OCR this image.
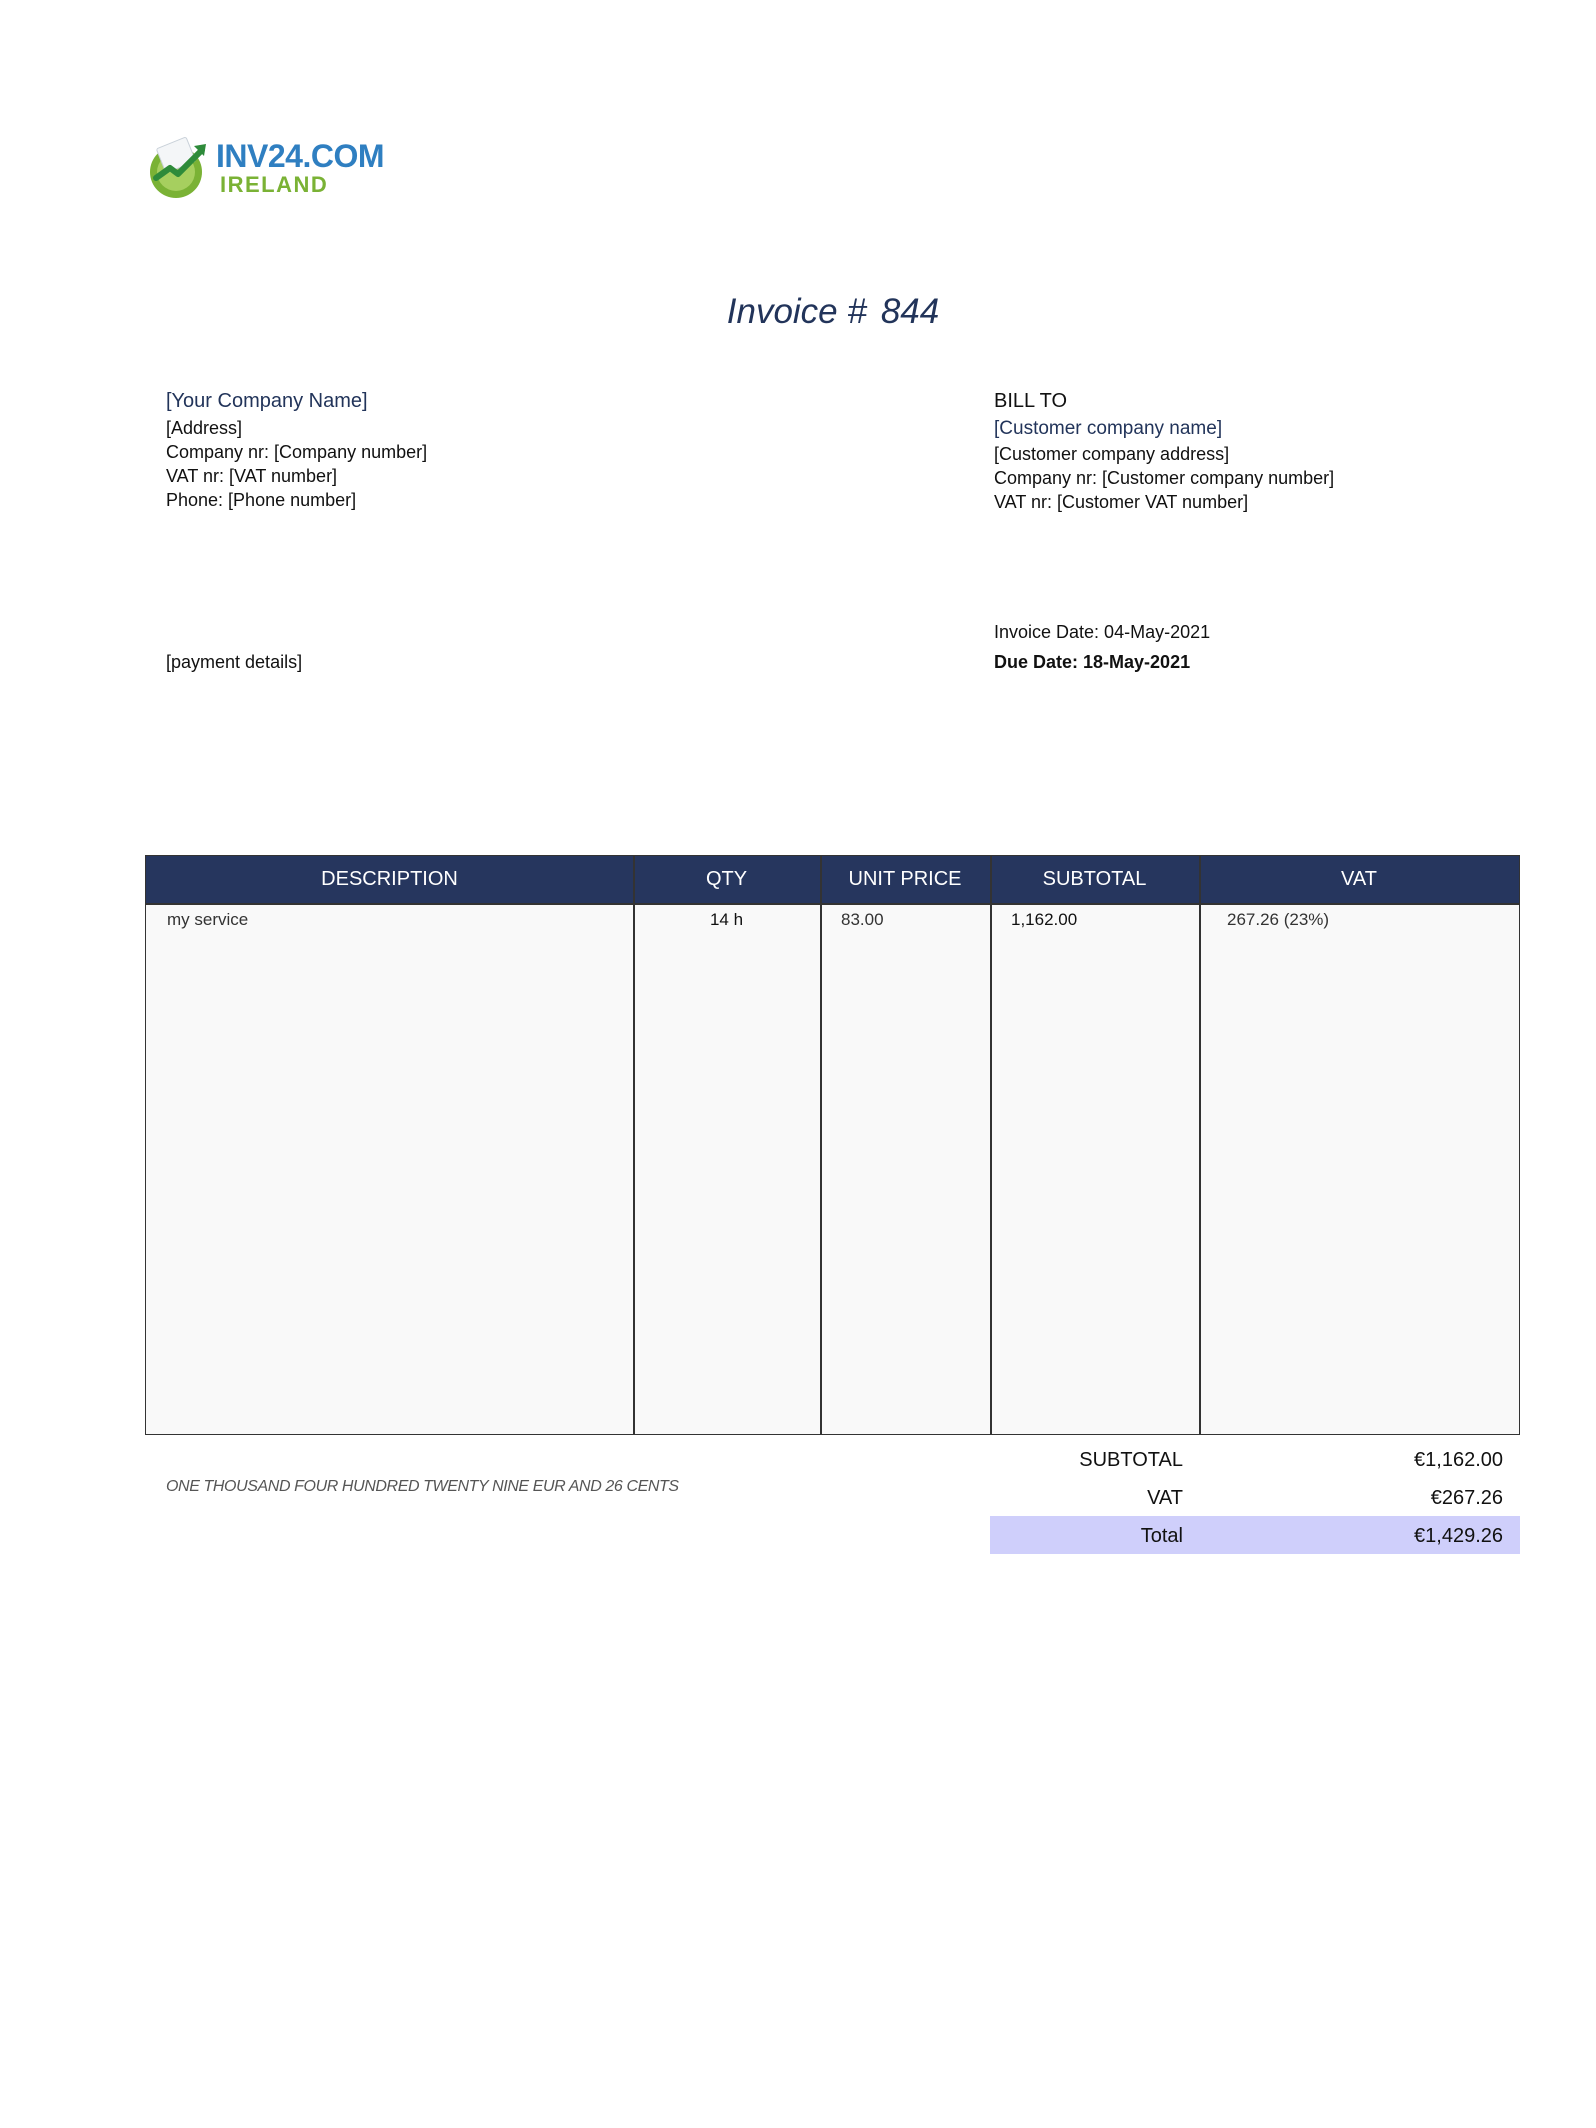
INV24.COM
IRELAND
Invoice # 844
[Your Company Name]
[Address]
Company nr: [Company number]
VAT nr: [VAT number]
Phone: [Phone number]
BILL TO
[Customer company name]
[Customer company address]
Company nr: [Customer company number]
VAT nr: [Customer VAT number]
[payment details]
Invoice Date: 04-May-2021
Due Date: 18-May-2021
DESCRIPTION	QTY	UNIT PRICE	SUBTOTAL	VAT
my service	14 h	83.00	1,162.00	267.26 (23%)
ONE THOUSAND FOUR HUNDRED TWENTY NINE EUR AND 26 CENTS
SUBTOTAL	€1,162.00
VAT	€267.26
Total	€1,429.26
